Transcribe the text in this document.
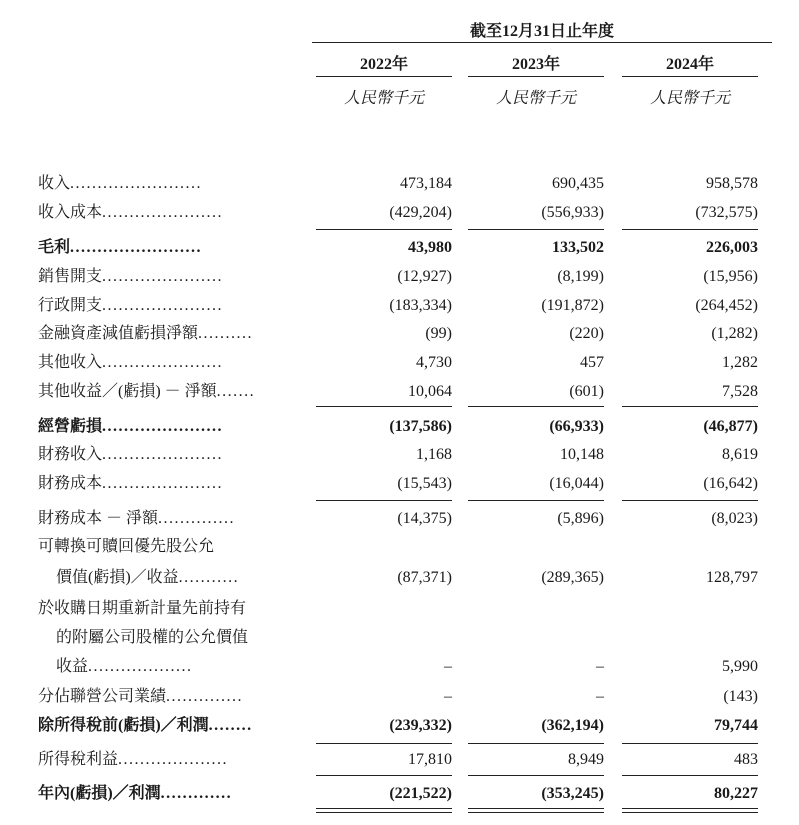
截至12月31日止年度
2022年	2023年	2024年
人民幣千元	人民幣千元	人民幣千元
收入........................	473,184	690,435	958,578
收入成本......................	(429,204)	(556,933)	(732,575)
毛利........................	43,980	133,502	226,003
銷售開支......................	(12,927)	(8,199)	(15,956)
行政開支......................	(183,334)	(191,872)	(264,452)
金融資產減值虧損淨額..........	(99)	(220)	(1,282)
其他收入......................	4,730	457	1,282
其他收益／(虧損) － 淨額.......	10,064	(601)	7,528
經營虧損......................	(137,586)	(66,933)	(46,877)
財務收入......................	1,168	10,148	8,619
財務成本......................	(15,543)	(16,044)	(16,642)
財務成本 － 淨額..............	(14,375)	(5,896)	(8,023)
可轉換可贖回優先股公允
價值(虧損)／收益...........	(87,371)	(289,365)	128,797
於收購日期重新計量先前持有
的附屬公司股權的公允價值
收益...................	–	–	5,990
分佔聯營公司業績..............	–	–	(143)
除所得稅前(虧損)／利潤........	(239,332)	(362,194)	79,744
所得稅利益....................	17,810	8,949	483
年內(虧損)／利潤.............	(221,522)	(353,245)	80,227
